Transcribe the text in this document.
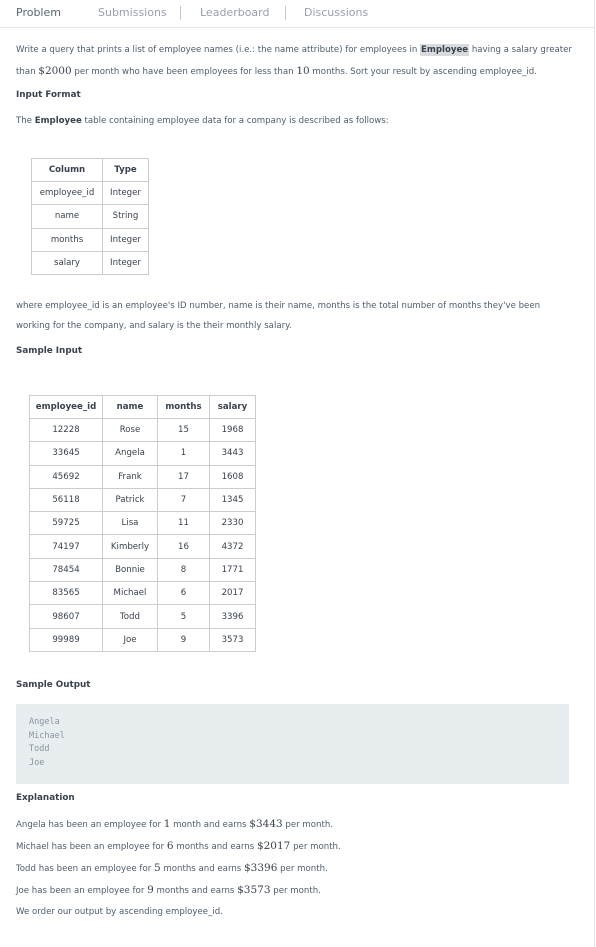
Problem	Submissions	Leaderboard	Discussions
Write a query that prints a list of employee names (i.e.: the name attribute) for employees in Employee having a salary greater
than $2000 per month who have been employees for less than 10 months. Sort your result by ascending employee_id.
Input Format
The Employee table containing employee data for a company is described as follows:
Column	Type
employee_id	Integer
name	String
months	Integer
salary	Integer
where employee_id is an employee's ID number, name is their name, months is the total number of months they've been
working for the company, and salary is the their monthly salary.
Sample Input
employee_id	name	months	salary
12228	Rose	15	1968
33645	Angela	1	3443
45692	Frank	17	1608
56118	Patrick	7	1345
59725	Lisa	11	2330
74197	Kimberly	16	4372
78454	Bonnie	8	1771
83565	Michael	6	2017
98607	Todd	5	3396
99989	Joe	9	3573
Sample Output
Angela
Michael
Todd
Joe
Explanation
Angela has been an employee for 1 month and earns $3443 per month.
Michael has been an employee for 6 months and earns $2017 per month.
Todd has been an employee for 5 months and earns $3396 per month.
Joe has been an employee for 9 months and earns $3573 per month.
We order our output by ascending employee_id.
